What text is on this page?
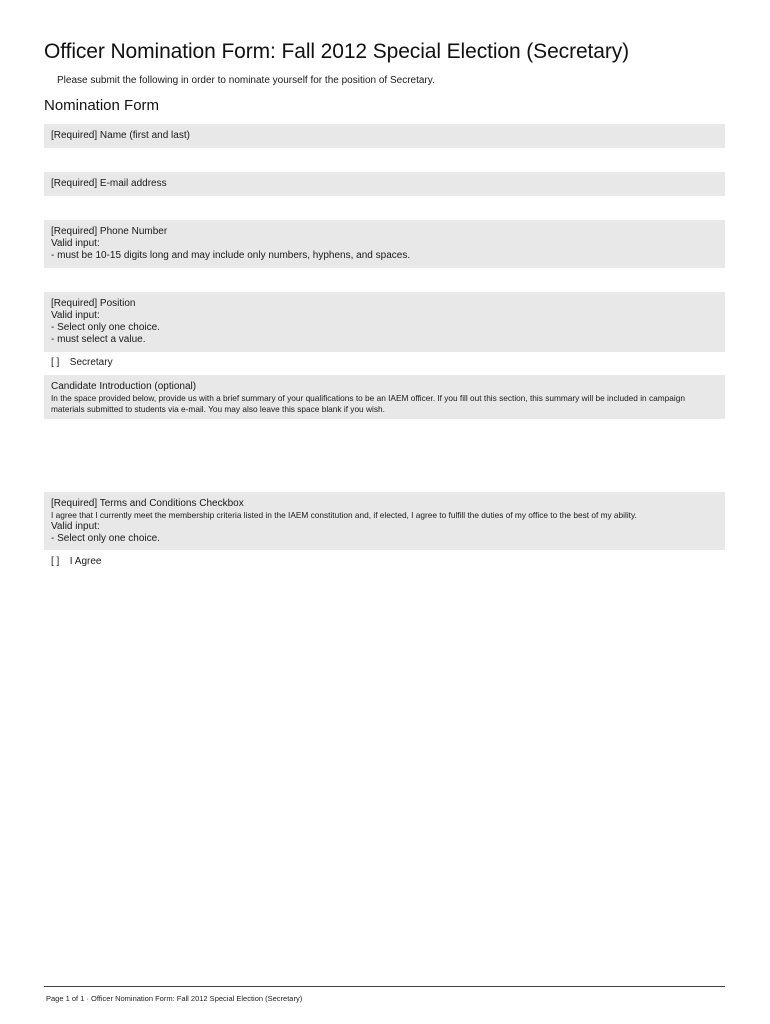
Officer Nomination Form: Fall 2012 Special Election (Secretary)
Please submit the following in order to nominate yourself for the position of Secretary.
Nomination Form
[Required] Name (first and last)
[Required] E-mail address
[Required] Phone Number
Valid input:
- must be 10-15 digits long and may include only numbers, hyphens, and spaces.
[Required] Position
Valid input:
- Select only one choice.
- must select a value.
[ ] Secretary
Candidate Introduction (optional)
In the space provided below, provide us with a brief summary of your qualifications to be an IAEM officer. If you fill out this section, this summary will be included in campaign materials submitted to students via e-mail. You may also leave this space blank if you wish.
[Required] Terms and Conditions Checkbox
I agree that I currently meet the membership criteria listed in the IAEM constitution and, if elected, I agree to fulfill the duties of my office to the best of my ability.
Valid input:
- Select only one choice.
[ ] I Agree
Page 1 of 1 · Officer Nomination Form: Fall 2012 Special Election (Secretary)
